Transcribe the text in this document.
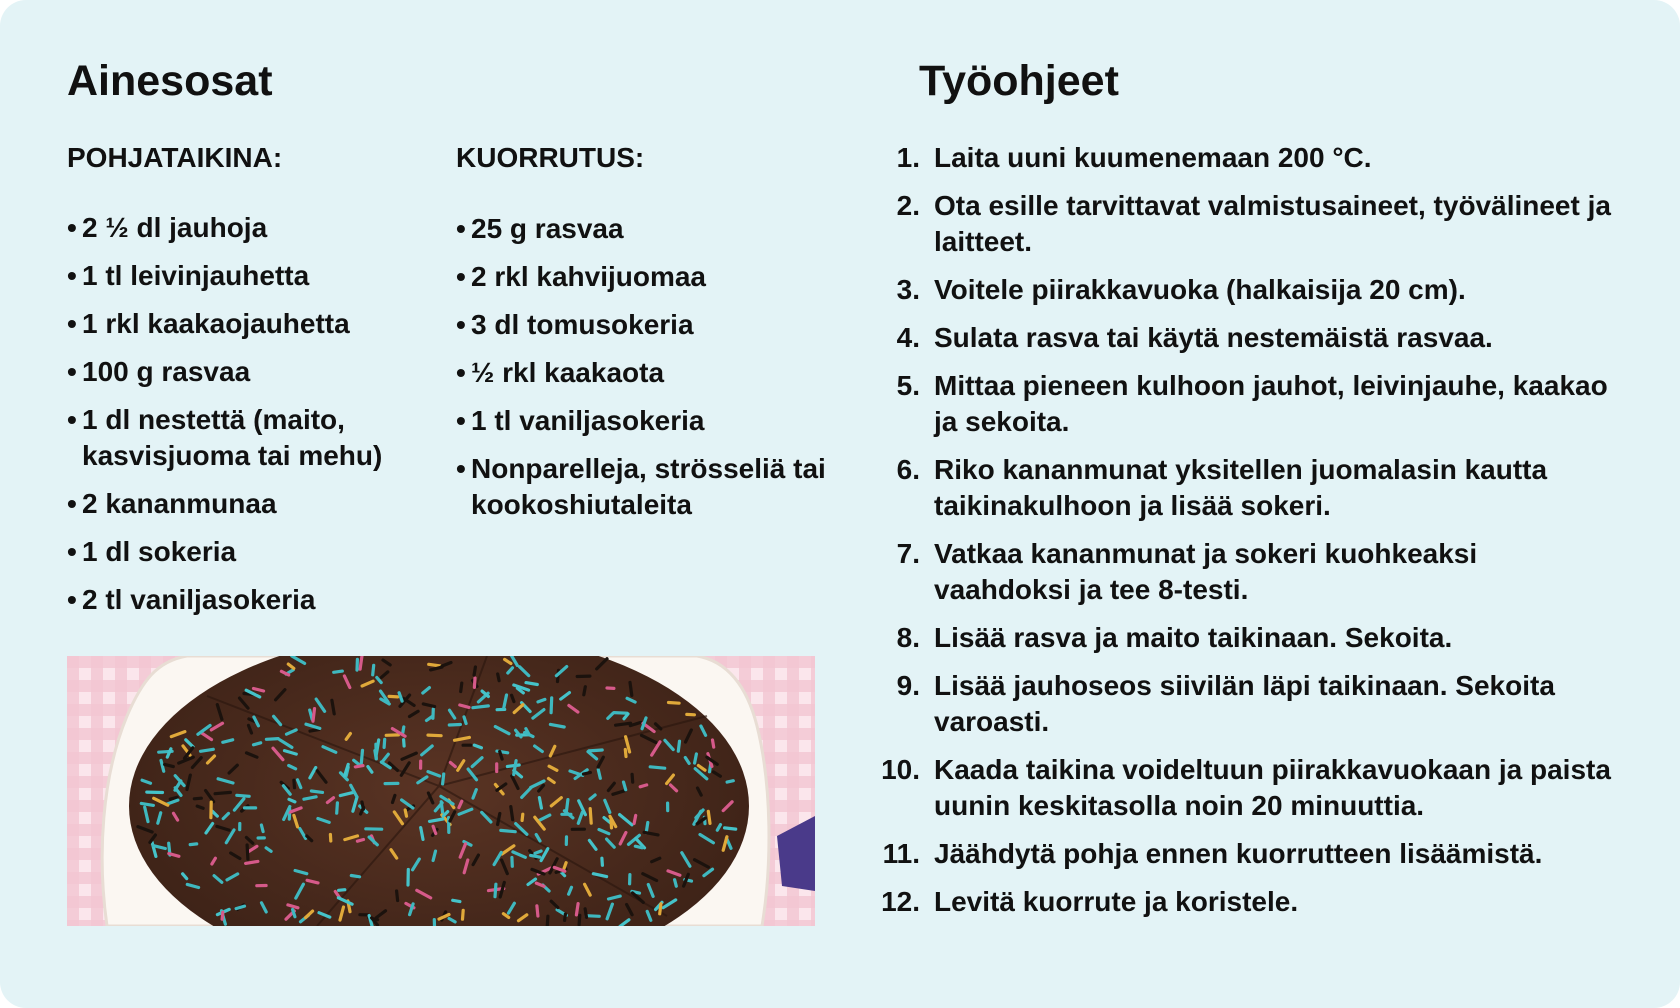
Ainesosat	Työohjeet
POHJATAIKINA:	KUORRUTUS:
• 2 ½ dl jauhoja
• 1 tl leivinjauhetta
• 1 rkl kaakaojauhetta
• 100 g rasvaa
• 1 dl nestettä (maito, kasvisjuoma tai mehu)
• 2 kananmunaa
• 1 dl sokeria
• 2 tl vaniljasokeria
• 25 g rasvaa
• 2 rkl kahvijuomaa
• 3 dl tomusokeria
• ½ rkl kaakaota
• 1 tl vaniljasokeria
• Nonparelleja, strösseliä tai kookoshiutaleita
1. Laita uuni kuumenemaan 200 °C.
2. Ota esille tarvittavat valmistusaineet, työvälineet ja laitteet.
3. Voitele piirakkavuoka (halkaisija 20 cm).
4. Sulata rasva tai käytä nestemäistä rasvaa.
5. Mittaa pieneen kulhoon jauhot, leivinjauhe, kaakao ja sekoita.
6. Riko kananmunat yksitellen juomalasin kautta taikinakulhoon ja lisää sokeri.
7. Vatkaa kananmunat ja sokeri kuohkeaksi vaahdoksi ja tee 8-testi.
8. Lisää rasva ja maito taikinaan. Sekoita.
9. Lisää jauhoseos siivilän läpi taikinaan. Sekoita varoasti.
10. Kaada taikina voideltuun piirakkavuokaan ja paista uunin keskitasolla noin 20 minuuttia.
11. Jäähdytä pohja ennen kuorrutteen lisäämistä.
12. Levitä kuorrute ja koristele.
